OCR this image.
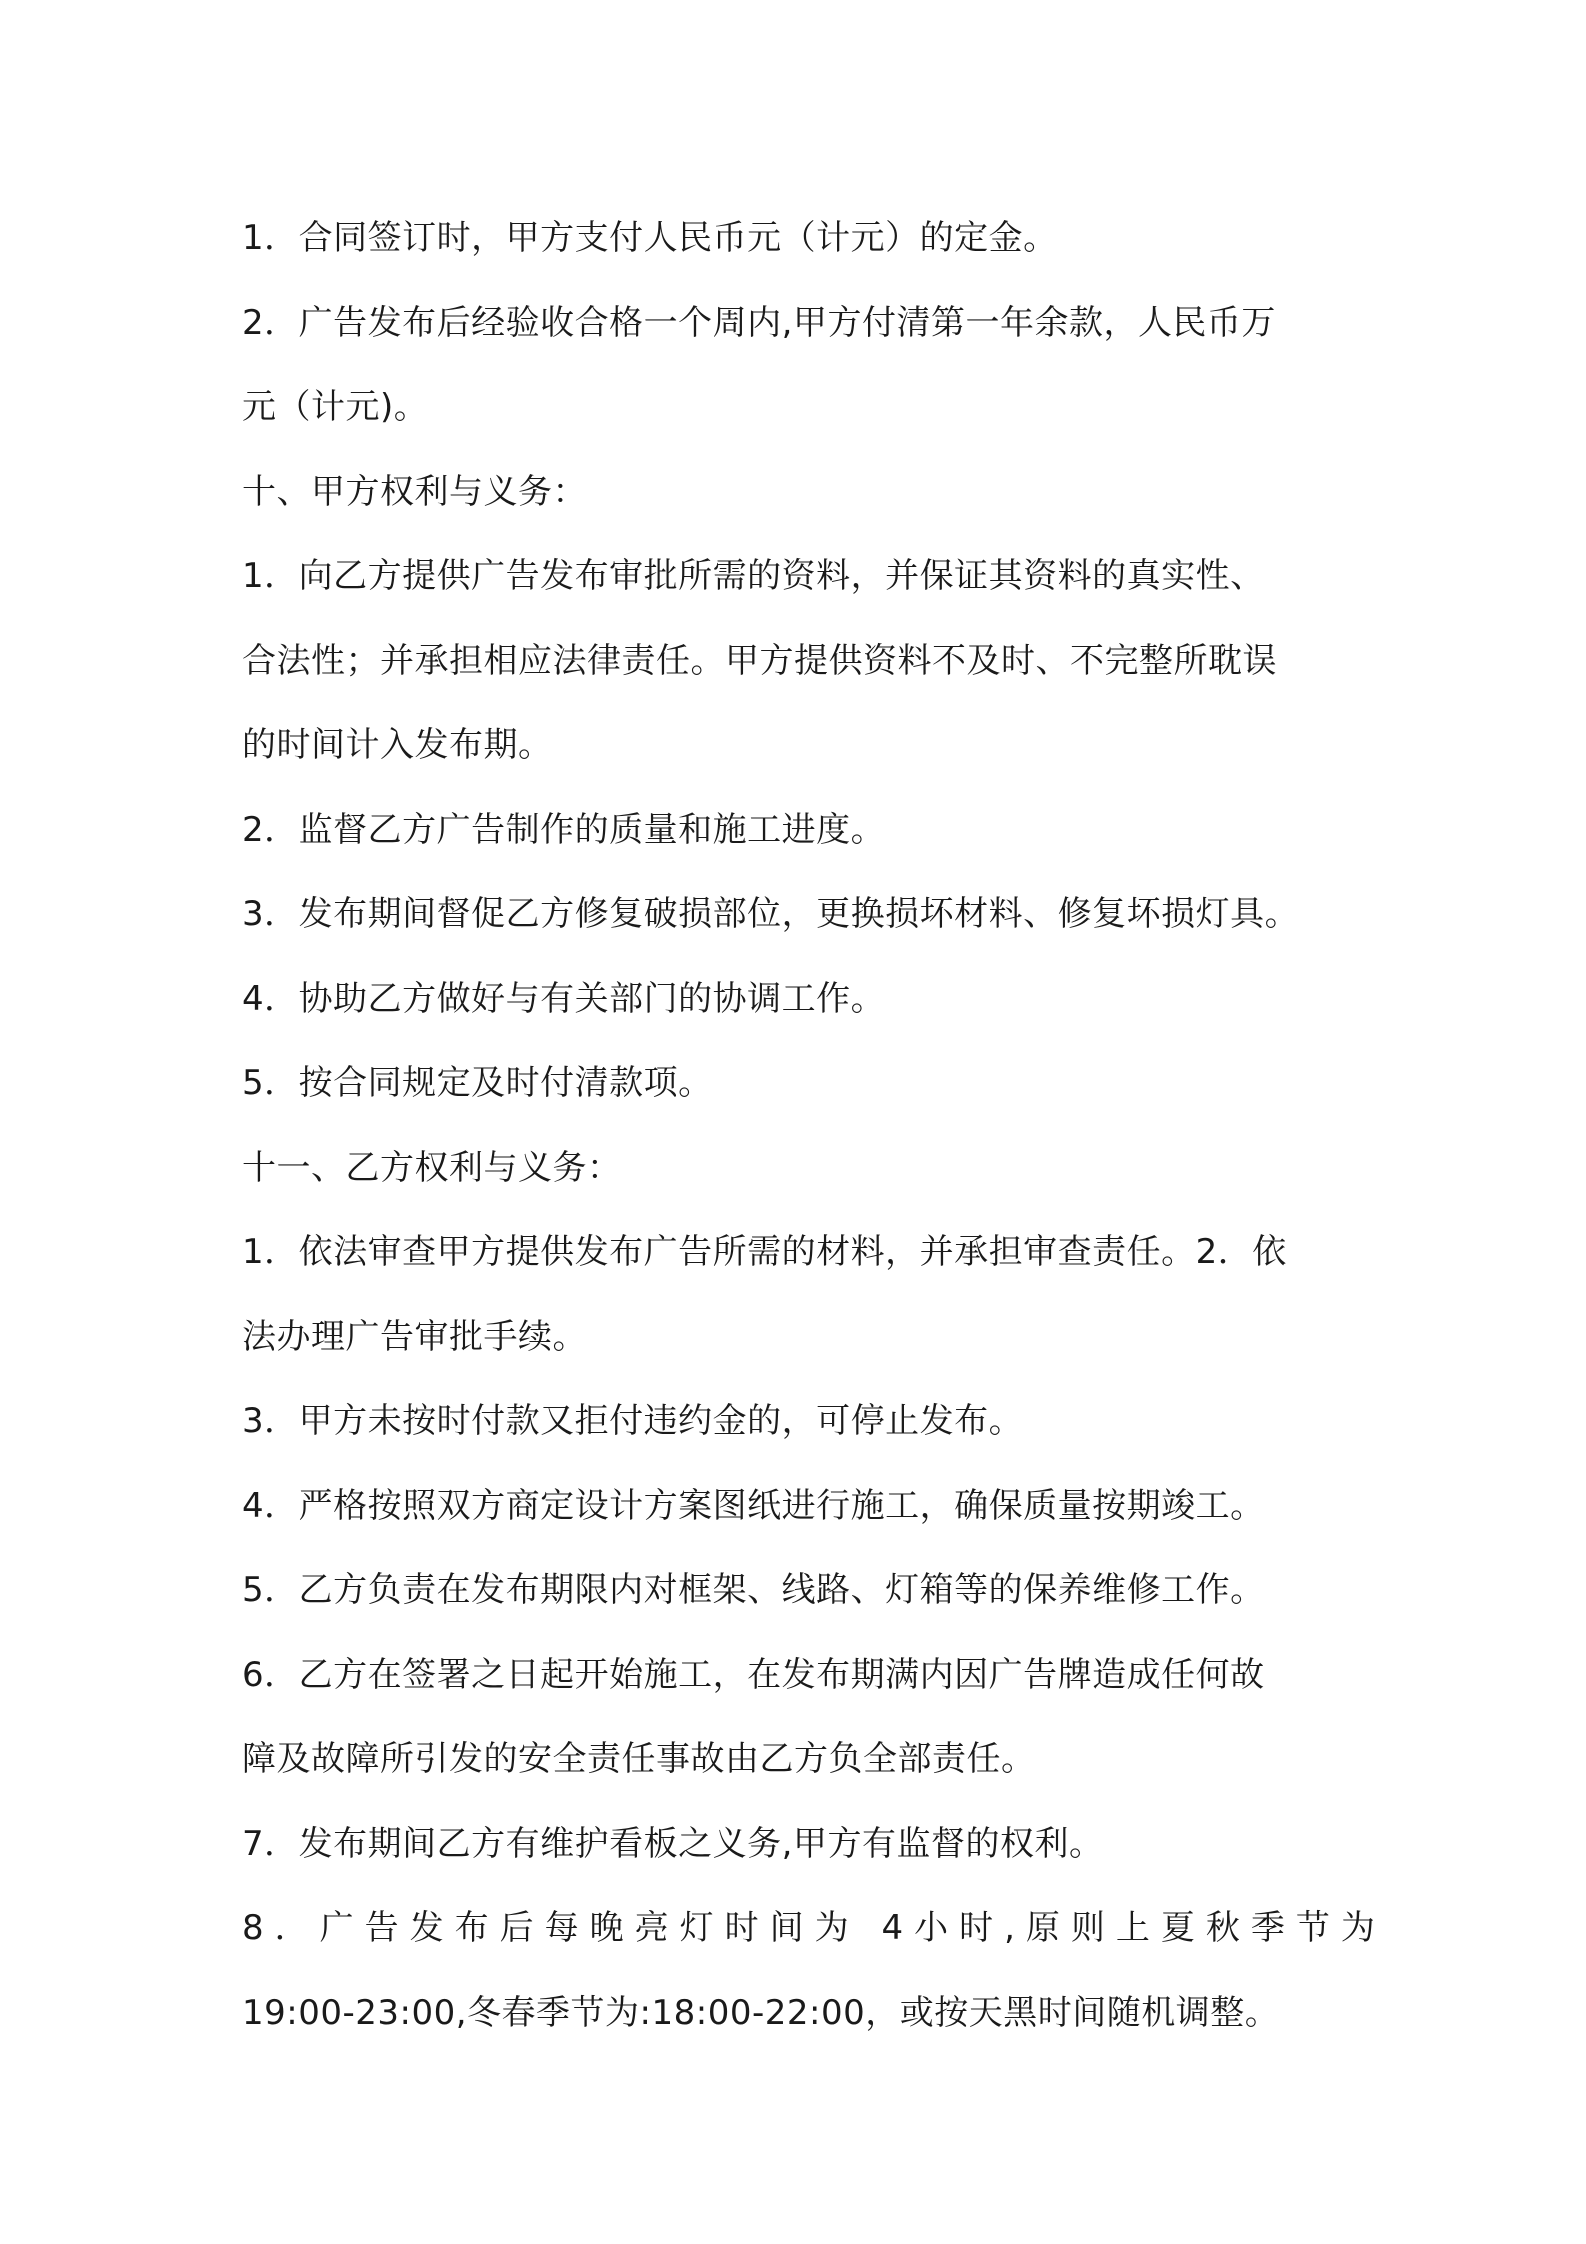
1．合同签订时，甲方支付人民币元（计元）的定金。
2．广告发布后经验收合格一个周内,甲方付清第一年余款，人民币万
元（计元)。
十、甲方权利与义务：
1．向乙方提供广告发布审批所需的资料，并保证其资料的真实性、
合法性；并承担相应法律责任。甲方提供资料不及时、不完整所耽误
的时间计入发布期。
2．监督乙方广告制作的质量和施工进度。
3．发布期间督促乙方修复破损部位，更换损坏材料、修复坏损灯具。
4．协助乙方做好与有关部门的协调工作。
5．按合同规定及时付清款项。
十一、乙方权利与义务：
1．依法审查甲方提供发布广告所需的材料，并承担审查责任。2．依
法办理广告审批手续。
3．甲方未按时付款又拒付违约金的，可停止发布。
4．严格按照双方商定设计方案图纸进行施工，确保质量按期竣工。
5．乙方负责在发布期限内对框架、线路、灯箱等的保养维修工作。
6．乙方在签署之日起开始施工，在发布期满内因广告牌造成任何故
障及故障所引发的安全责任事故由乙方负全部责任。
7．发布期间乙方有维护看板之义务,甲方有监督的权利。
8．广告发布后每晚亮灯时间为 4小时,原则上夏秋季节为
19:00-23:00,冬春季节为:18:00-22:00，或按天黑时间随机调整。
